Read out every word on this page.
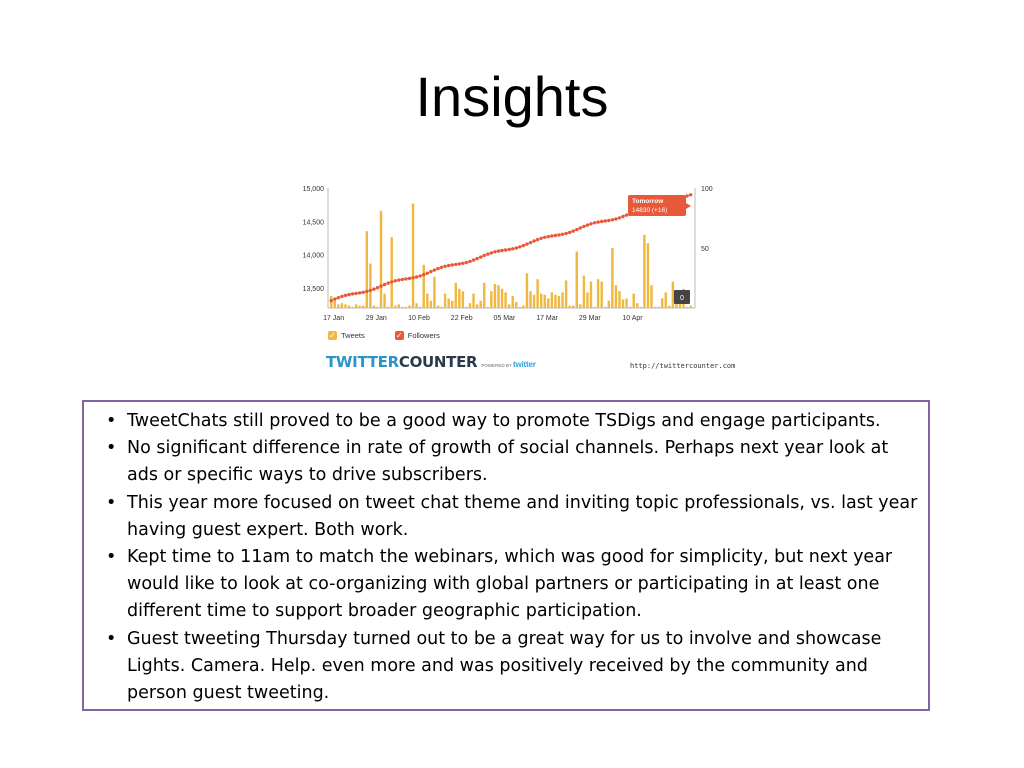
Insights
15,000
14,500
14,000
13,500
100
50
17 Jan	29 Jan	10 Feb	22 Feb	05 Mar	17 Mar	29 Mar	10 Apr
Tomorrow
14830 (+16)
0
✓ Tweets	✓ Followers
TWITTERCOUNTER POWERED BY twitter	http://twittercounter.com
• TweetChats still proved to be a good way to promote TSDigs and engage participants.
• No significant difference in rate of growth of social channels. Perhaps next year look at ads or specific ways to drive subscribers.
• This year more focused on tweet chat theme and inviting topic professionals, vs. last year having guest expert. Both work.
• Kept time to 11am to match the webinars, which was good for simplicity, but next year would like to look at co-organizing with global partners or participating in at least one different time to support broader geographic participation.
• Guest tweeting Thursday turned out to be a great way for us to involve and showcase Lights. Camera. Help. even more and was positively received by the community and person guest tweeting.
